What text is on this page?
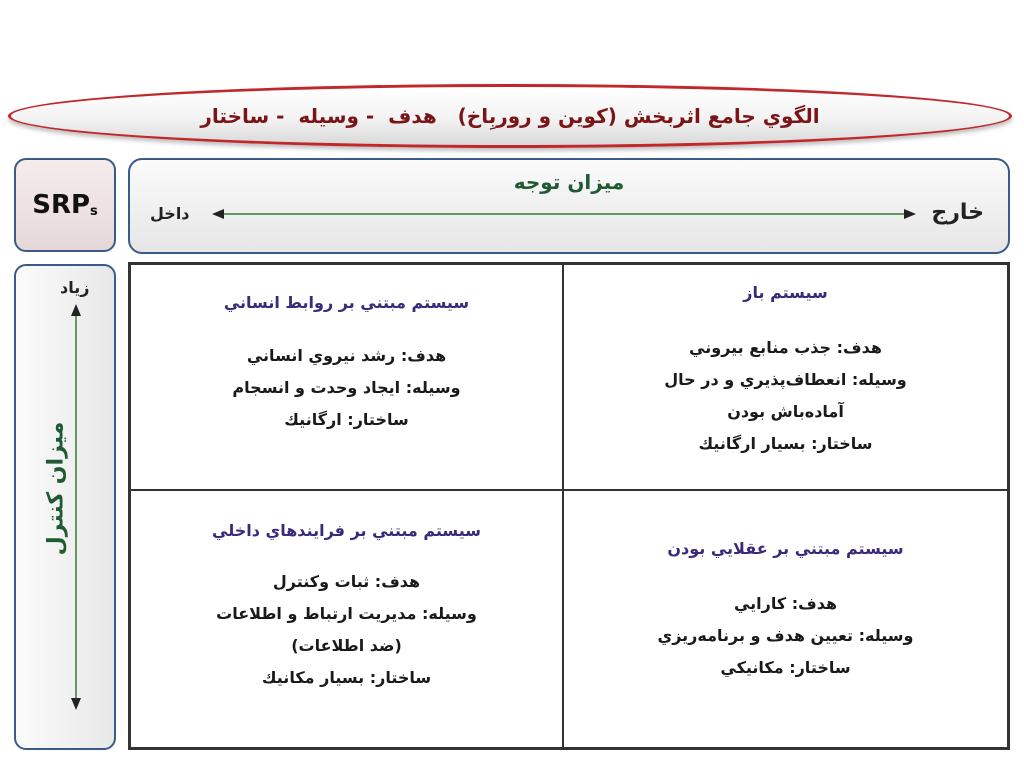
الگوي جامع اثربخش (كوين و روربِاخ)   هدف  - وسيله  - ساختار
$SRP_s$
ميزان توجه
داخل	خارج
زياد
ميزان كنترل
سيستم مبتني بر روابط انساني
هدف: رشد نيروي انساني
وسيله: ايجاد وحدت و انسجام
ساختار: ارگانيك
سيستم باز
هدف: جذب منابع بيروني
وسيله: انعطاف‌پذيري و در حال
آماده‌باش بودن
ساختار: بسيار ارگانيك
سيستم مبتني بر فرايندهاي داخلي
هدف: ثبات وكنترل
وسيله: مديريت ارتباط و اطلاعات
(ضد اطلاعات)
ساختار: بسيار مكانيك
سيستم مبتني بر عقلايي بودن
هدف: كارايي
وسيله: تعيين هدف و برنامه‌ريزي
ساختار: مكانيكي
